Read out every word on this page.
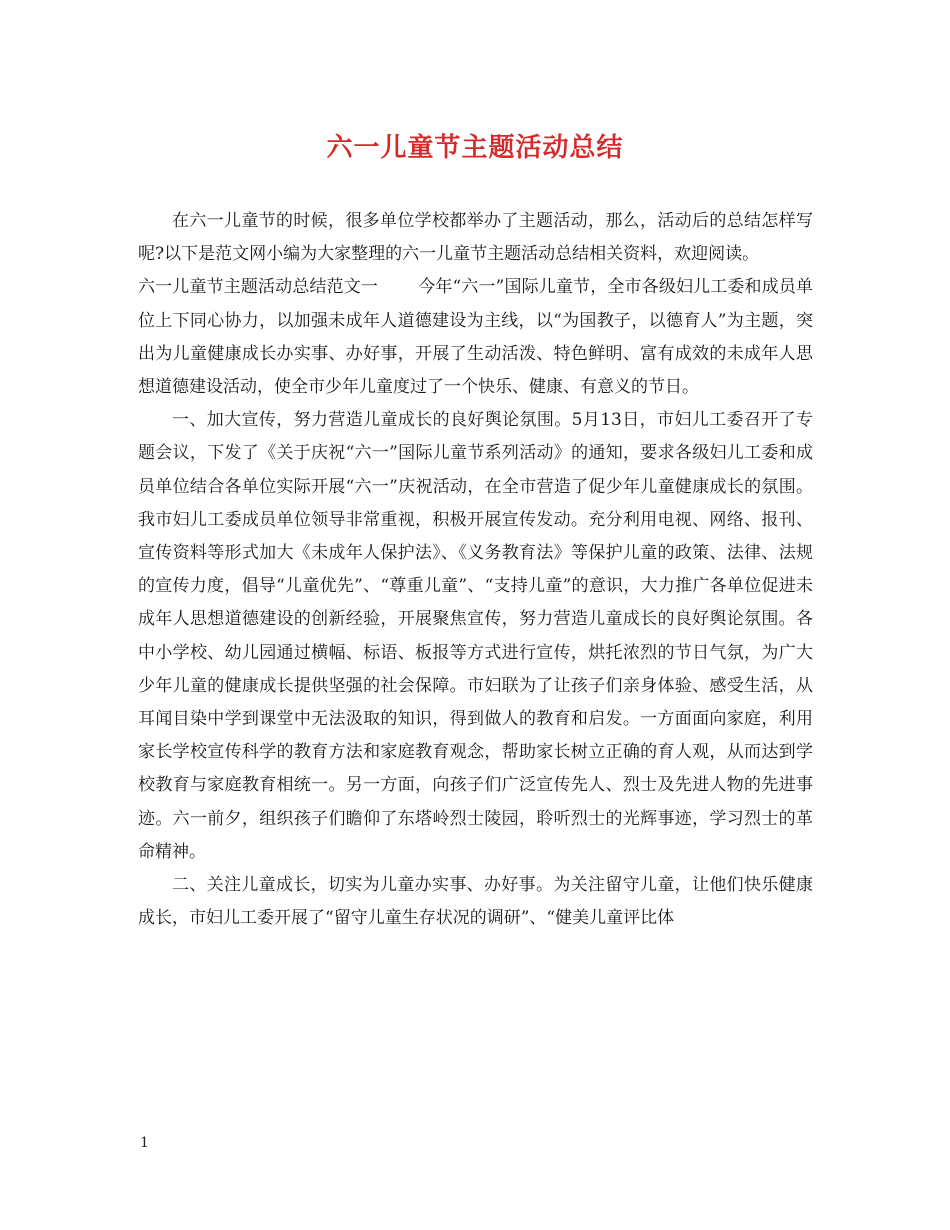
六一儿童节主题活动总结

在六一儿童节的时候，很多单位学校都举办了主题活动，那么，活动后的总结怎样写呢?以下是范文网小编为大家整理的六一儿童节主题活动总结相关资料，欢迎阅读。

六一儿童节主题活动总结范文一 今年“六一”国际儿童节，全市各级妇儿工委和成员单位上下同心协力，以加强未成年人道德建设为主线，以“为国教子，以德育人”为主题，突出为儿童健康成长办实事、办好事，开展了生动活泼、特色鲜明、富有成效的未成年人思想道德建设活动，使全市少年儿童度过了一个快乐、健康、有意义的节日。

一、加大宣传，努力营造儿童成长的良好舆论氛围。5月13日，市妇儿工委召开了专题会议，下发了《关于庆祝“六一”国际儿童节系列活动》的通知，要求各级妇儿工委和成员单位结合各单位实际开展“六一”庆祝活动，在全市营造了促少年儿童健康成长的氛围。我市妇儿工委成员单位领导非常重视，积极开展宣传发动。充分利用电视、网络、报刊、宣传资料等形式加大《未成年人保护法》、《义务教育法》等保护儿童的政策、法律、法规的宣传力度，倡导“儿童优先”、“尊重儿童”、“支持儿童”的意识，大力推广各单位促进未成年人思想道德建设的创新经验，开展聚焦宣传，努力营造儿童成长的良好舆论氛围。各中小学校、幼儿园通过横幅、标语、板报等方式进行宣传，烘托浓烈的节日气氛，为广大少年儿童的健康成长提供坚强的社会保障。市妇联为了让孩子们亲身体验、感受生活，从耳闻目染中学到课堂中无法汲取的知识，得到做人的教育和启发。一方面面向家庭，利用家长学校宣传科学的教育方法和家庭教育观念，帮助家长树立正确的育人观，从而达到学校教育与家庭教育相统一。另一方面，向孩子们广泛宣传先人、烈士及先进人物的先进事迹。六一前夕，组织孩子们瞻仰了东塔岭烈士陵园，聆听烈士的光辉事迹，学习烈士的革命精神。

二、关注儿童成长，切实为儿童办实事、办好事。为关注留守儿童，让他们快乐健康成长，市妇儿工委开展了“留守儿童生存状况的调研”、“健美儿童评比体

1
